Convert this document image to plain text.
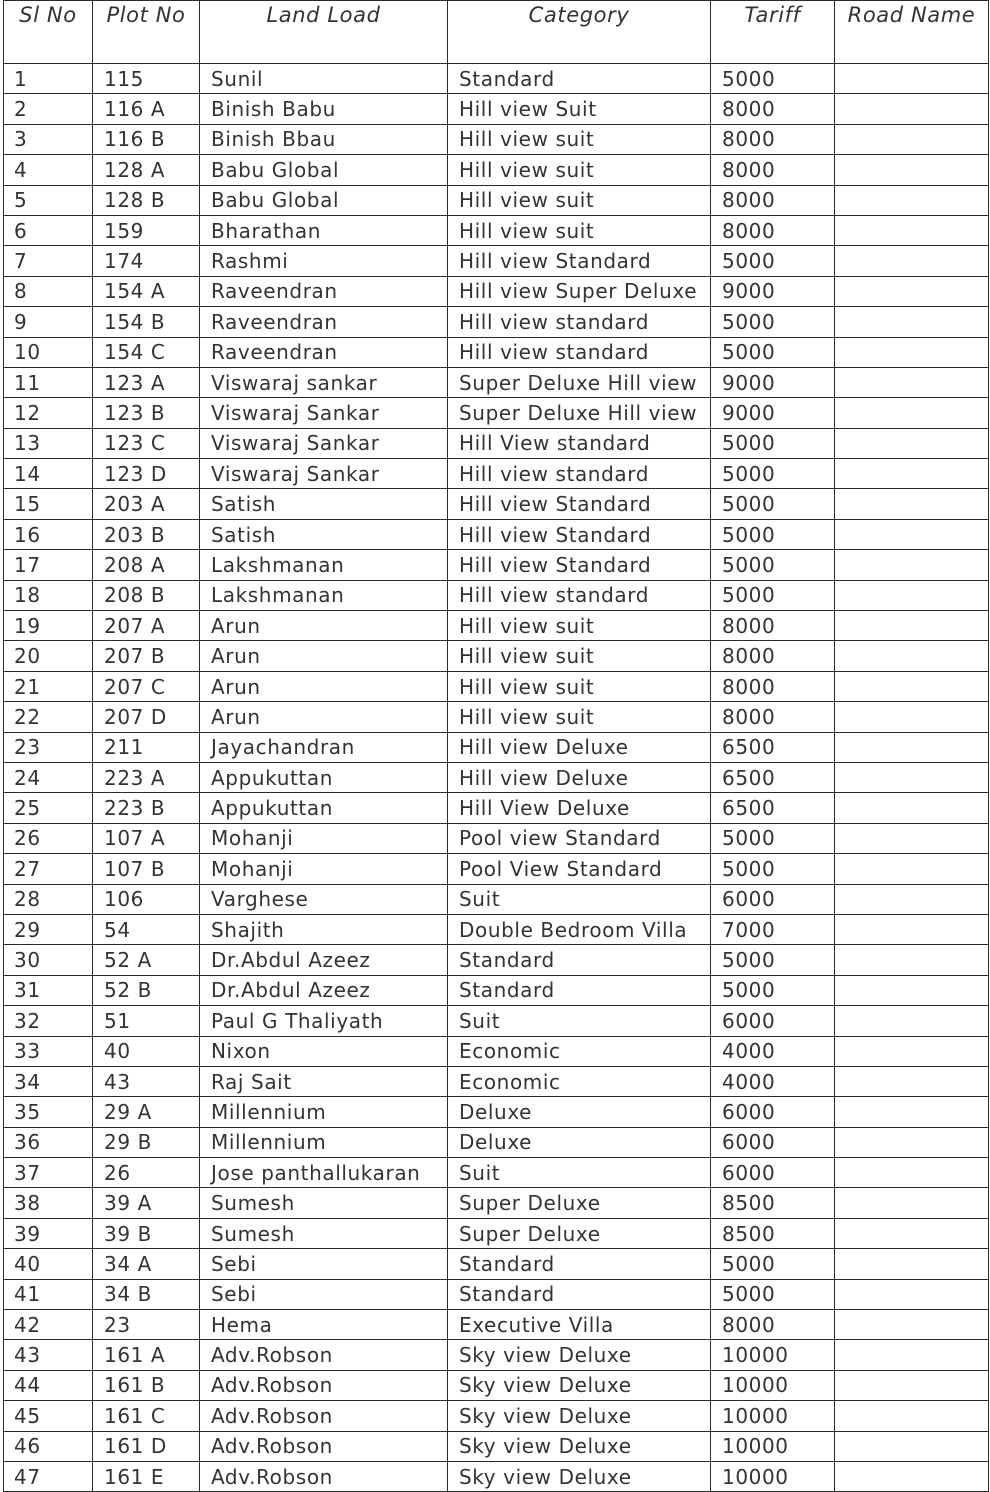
Sl No	Plot No	Land Load	Category	Tariff	Road Name
1	115	Sunil	Standard	5000	
2	116 A	Binish Babu	Hill view Suit	8000	
3	116 B	Binish Bbau	Hill view suit	8000	
4	128 A	Babu Global	Hill view suit	8000	
5	128 B	Babu Global	Hill view suit	8000	
6	159	Bharathan	Hill view suit	8000	
7	174	Rashmi	Hill view Standard	5000	
8	154 A	Raveendran	Hill view Super Deluxe	9000	
9	154 B	Raveendran	Hill view standard	5000	
10	154 C	Raveendran	Hill view standard	5000	
11	123 A	Viswaraj sankar	Super Deluxe Hill view	9000	
12	123 B	Viswaraj Sankar	Super Deluxe Hill view	9000	
13	123 C	Viswaraj Sankar	Hill View standard	5000	
14	123 D	Viswaraj Sankar	Hill view standard	5000	
15	203 A	Satish	Hill view Standard	5000	
16	203 B	Satish	Hill view Standard	5000	
17	208 A	Lakshmanan	Hill view Standard	5000	
18	208 B	Lakshmanan	Hill view standard	5000	
19	207 A	Arun	Hill view suit	8000	
20	207 B	Arun	Hill view suit	8000	
21	207 C	Arun	Hill view suit	8000	
22	207 D	Arun	Hill view suit	8000	
23	211	Jayachandran	Hill view Deluxe	6500	
24	223 A	Appukuttan	Hill view Deluxe	6500	
25	223 B	Appukuttan	Hill View Deluxe	6500	
26	107 A	Mohanji	Pool view Standard	5000	
27	107 B	Mohanji	Pool View Standard	5000	
28	106	Varghese	Suit	6000	
29	54	Shajith	Double Bedroom Villa	7000	
30	52 A	Dr.Abdul Azeez	Standard	5000	
31	52 B	Dr.Abdul Azeez	Standard	5000	
32	51	Paul G Thaliyath	Suit	6000	
33	40	Nixon	Economic	4000	
34	43	Raj Sait	Economic	4000	
35	29 A	Millennium	Deluxe	6000	
36	29 B	Millennium	Deluxe	6000	
37	26	Jose panthallukaran	Suit	6000	
38	39 A	Sumesh	Super Deluxe	8500	
39	39 B	Sumesh	Super Deluxe	8500	
40	34 A	Sebi	Standard	5000	
41	34 B	Sebi	Standard	5000	
42	23	Hema	Executive Villa	8000	
43	161 A	Adv.Robson	Sky view Deluxe	10000	
44	161 B	Adv.Robson	Sky view Deluxe	10000	
45	161 C	Adv.Robson	Sky view Deluxe	10000	
46	161 D	Adv.Robson	Sky view Deluxe	10000	
47	161 E	Adv.Robson	Sky view Deluxe	10000	
